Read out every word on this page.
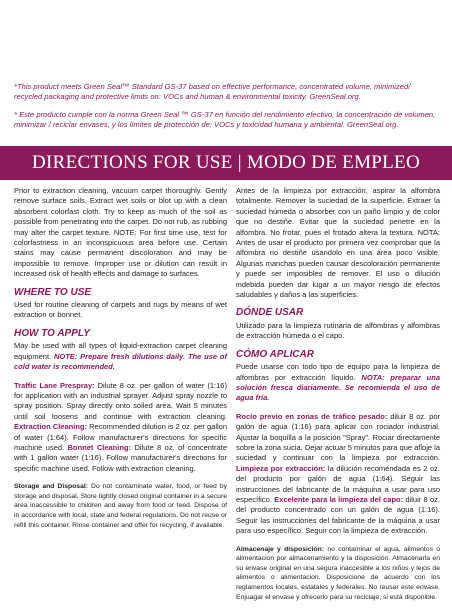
*This product meets Green Seal™ Standard GS-37 based on effective performance, concentrated volume, minimized/ recycled packaging and protective limits on: VOCs and human & environmental toxicity. GreenSeal.org.

* Este producto cumple con la norma Green Seal ™ GS-37 en función del rendimiento efectivo, la concentración de volumen, minimizar / reciclar envases, y los límites de protección de: VOCs y toxicidad humana y ambiental. GreenSeal.org.

DIRECTIONS FOR USE | MODO DE EMPLEO

Prior to extraction cleaning, vacuum carpet thoroughly. Gently remove surface soils. Extract wet soils or blot up with a clean absorbent colorfast cloth. Try to keep as much of the soil as possible from penetrating into the carpet. Do not rub, as rubbing may alter the carpet texture. NOTE: For first time use, test for colorfastness in an inconspicuous area before use. Certain stains may cause permanent discoloration and may be impossible to remove. Improper use or dilution can result in increased risk of health effects and damage to surfaces.

WHERE TO USE

Used for routine cleaning of carpets and rugs by means of wet extraction or bonnet.

HOW TO APPLY

May be used with all types of liquid-extraction carpet cleaning equipment. NOTE: Prepare fresh dilutions daily. The use of cold water is recommended.

Traffic Lane Prespray: Dilute 8 oz. per gallon of water (1:16) for application with an industrial sprayer. Adjust spray nozzle to spray position. Spray directly onto soiled area. Wait 5 minutes until soil loosens and continue with extraction cleaning. Extraction Cleaning: Recommended dilution is 2 oz. per gallon of water (1:64). Follow manufacturer's directions for specific machine used. Bonnet Cleaning: Dilute 8 oz. of concentrate with 1 gallon water (1:16). Follow manufacturer's directions for specific machine used. Follow with extraction cleaning.

Storage and Disposal: Do not contaminate water, food, or feed by storage and disposal. Store tightly closed original container in a secure area inaccessible to children and away from food or feed. Dispose of in accordance with local, state and federal regulations. Do not reuse or refill this container. Rinse container and offer for recycling, if available.

Antes de la limpieza por extracción, aspirar la alfombra totalmente. Remover la suciedad de la superficie. Extraer la suciedad húmeda o absorber con un paño limpio y de color que no destiñe. Evitar que la suciedad penetre en la alfombra. No frotar, pues el frotado altera la textura. NOTA: Antes de usar el producto por primera vez comprobar que la alfombra no destiñe usandolo en una área poco visible. Algunas manchas pueden causar descoloración permanente y puede ser imposibles de remover. El uso o dilución indebida pueden dar lugar a un mayor riesgo de efectos saludables y daños a las superficies.

DÓNDE USAR

Utilizado para la limpieza rutinaria de alfombras y alfombras de extracción húmeda o el capo.

CÓMO APLICAR

Puede usarse con todo tipo de equipo para la limpieza de alfombras por extracción líquido. NOTA: preparar una solución fresca diariamente. Se recomienda el uso de agua fría.

Rocío previo en zonas de tráfico pesado: diluir 8 oz. por galón de agua (1:16) para aplicar con rociador industrial. Ajustar la boquilla a la posición "Spray". Rociar directamente sobre la zona sucia. Dejar actuar 5 minutos para que afloje la suciedad y continuar con la limpieza por extracción. Limpieza por extracción: la dilución recomendada es 2 oz. del producto por galón de agua (1:64). Seguir las instrucciones del fabricante de la máquina a usar para uso específico. Excelente para la limpieza del capo: diluir 8 oz. del producto concentrado con un galón de agua (1:16). Seguir las instrucciones del fabricante de la máquina a usar para uso específico. Seguir con la limpieza de extracción.

Almacenaje y disposición: no contaminar el agua, alimentos o alimentacion por almacenamiento y la disposición. Almacenarla en su envase original en una segura inaccesible a los niños y lejos de alimentos o alimentacion. Disposicione de acuerdo con los reglamentos locales, estatales y federales. No reusar este envase. Enjuagar el envase y ofrecerlo para su reciclaje, si está disponible.
